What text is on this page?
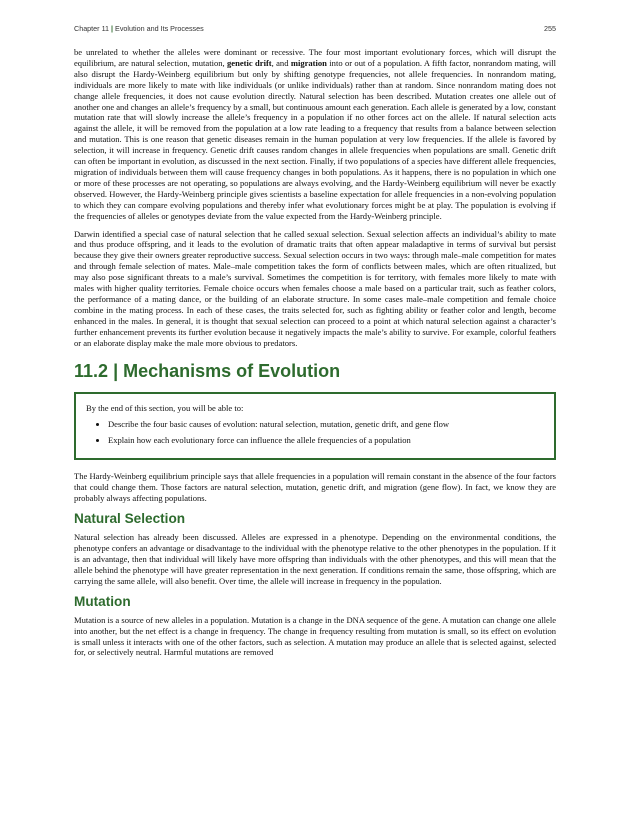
Chapter 11 | Evolution and Its Processes	255

be unrelated to whether the alleles were dominant or recessive. The four most important evolutionary forces, which will disrupt the equilibrium, are natural selection, mutation, genetic drift, and migration into or out of a population. A fifth factor, nonrandom mating, will also disrupt the Hardy-Weinberg equilibrium but only by shifting genotype frequencies, not allele frequencies. In nonrandom mating, individuals are more likely to mate with like individuals (or unlike individuals) rather than at random. Since nonrandom mating does not change allele frequencies, it does not cause evolution directly. Natural selection has been described. Mutation creates one allele out of another one and changes an allele’s frequency by a small, but continuous amount each generation. Each allele is generated by a low, constant mutation rate that will slowly increase the allele’s frequency in a population if no other forces act on the allele. If natural selection acts against the allele, it will be removed from the population at a low rate leading to a frequency that results from a balance between selection and mutation. This is one reason that genetic diseases remain in the human population at very low frequencies. If the allele is favored by selection, it will increase in frequency. Genetic drift causes random changes in allele frequencies when populations are small. Genetic drift can often be important in evolution, as discussed in the next section. Finally, if two populations of a species have different allele frequencies, migration of individuals between them will cause frequency changes in both populations. As it happens, there is no population in which one or more of these processes are not operating, so populations are always evolving, and the Hardy-Weinberg equilibrium will never be exactly observed. However, the Hardy-Weinberg principle gives scientists a baseline expectation for allele frequencies in a non-evolving population to which they can compare evolving populations and thereby infer what evolutionary forces might be at play. The population is evolving if the frequencies of alleles or genotypes deviate from the value expected from the Hardy-Weinberg principle.

Darwin identified a special case of natural selection that he called sexual selection. Sexual selection affects an individual’s ability to mate and thus produce offspring, and it leads to the evolution of dramatic traits that often appear maladaptive in terms of survival but persist because they give their owners greater reproductive success. Sexual selection occurs in two ways: through male–male competition for mates and through female selection of mates. Male–male competition takes the form of conflicts between males, which are often ritualized, but may also pose significant threats to a male’s survival. Sometimes the competition is for territory, with females more likely to mate with males with higher quality territories. Female choice occurs when females choose a male based on a particular trait, such as feather colors, the performance of a mating dance, or the building of an elaborate structure. In some cases male–male competition and female choice combine in the mating process. In each of these cases, the traits selected for, such as fighting ability or feather color and length, become enhanced in the males. In general, it is thought that sexual selection can proceed to a point at which natural selection against a character’s further enhancement prevents its further evolution because it negatively impacts the male’s ability to survive. For example, colorful feathers or an elaborate display make the male more obvious to predators.

11.2 | Mechanisms of Evolution

By the end of this section, you will be able to:

• Describe the four basic causes of evolution: natural selection, mutation, genetic drift, and gene flow
• Explain how each evolutionary force can influence the allele frequencies of a population

The Hardy-Weinberg equilibrium principle says that allele frequencies in a population will remain constant in the absence of the four factors that could change them. Those factors are natural selection, mutation, genetic drift, and migration (gene flow). In fact, we know they are probably always affecting populations.

Natural Selection

Natural selection has already been discussed. Alleles are expressed in a phenotype. Depending on the environmental conditions, the phenotype confers an advantage or disadvantage to the individual with the phenotype relative to the other phenotypes in the population. If it is an advantage, then that individual will likely have more offspring than individuals with the other phenotypes, and this will mean that the allele behind the phenotype will have greater representation in the next generation. If conditions remain the same, those offspring, which are carrying the same allele, will also benefit. Over time, the allele will increase in frequency in the population.

Mutation

Mutation is a source of new alleles in a population. Mutation is a change in the DNA sequence of the gene. A mutation can change one allele into another, but the net effect is a change in frequency. The change in frequency resulting from mutation is small, so its effect on evolution is small unless it interacts with one of the other factors, such as selection. A mutation may produce an allele that is selected against, selected for, or selectively neutral. Harmful mutations are removed
